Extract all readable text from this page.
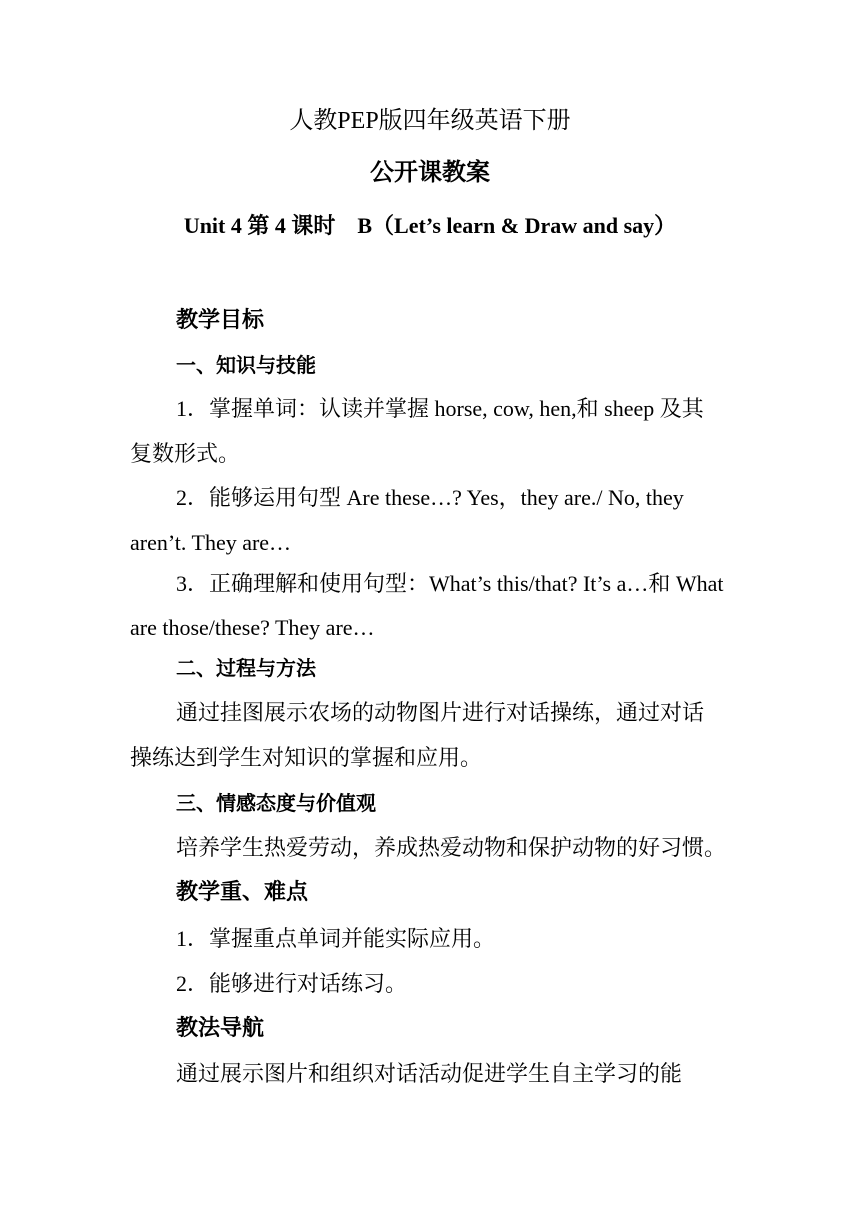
人教PEP版四年级英语下册
公开课教案
Unit 4 第 4 课时　B（Let’s learn & Draw and say）
教学目标
一、知识与技能
1．掌握单词：认读并掌握 horse, cow, hen,和 sheep 及其
复数形式。
2．能够运用句型 Are these…? Yes，they are./ No, they
aren’t. They are…
3．正确理解和使用句型：What’s this/that? It’s a…和 What
are those/these? They are…
二、过程与方法
通过挂图展示农场的动物图片进行对话操练，通过对话
操练达到学生对知识的掌握和应用。
三、情感态度与价值观
培养学生热爱劳动，养成热爱动物和保护动物的好习惯。
教学重、难点
1．掌握重点单词并能实际应用。
2．能够进行对话练习。
教法导航
通过展示图片和组织对话活动促进学生自主学习的能
